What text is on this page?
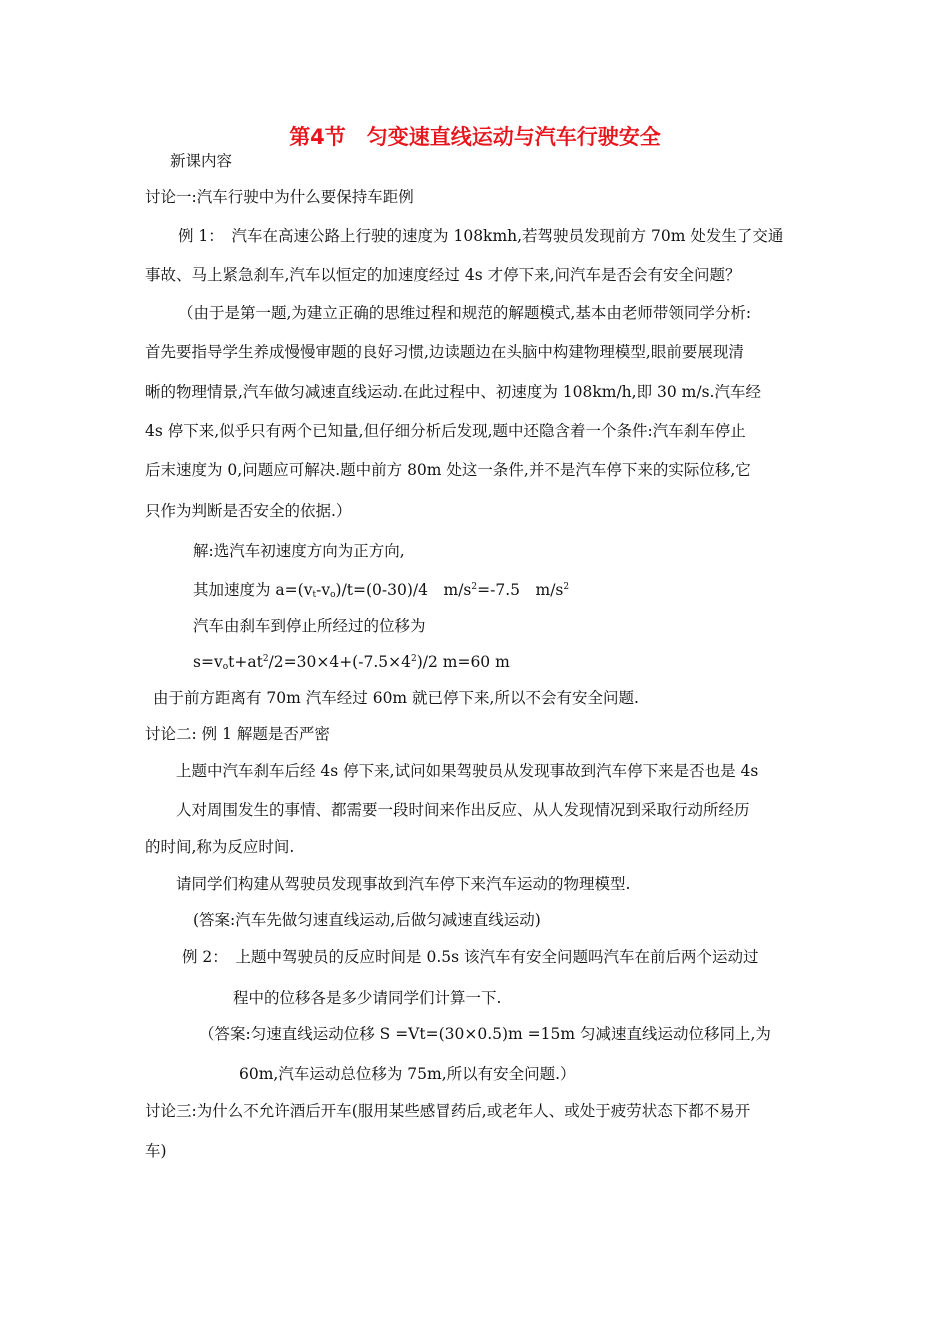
第4节　匀变速直线运动与汽车行驶安全
新课内容
讨论一:汽车行驶中为什么要保持车距例
例 1：　汽车在高速公路上行驶的速度为 108kmh,若驾驶员发现前方 70m 处发生了交通
事故、马上紧急刹车,汽车以恒定的加速度经过 4s 才停下来,问汽车是否会有安全问题？
（由于是第一题,为建立正确的思维过程和规范的解题模式,基本由老师带领同学分析:
首先要指导学生养成慢慢审题的良好习惯,边读题边在头脑中构建物理模型,眼前要展现清
晰的物理情景,汽车做匀减速直线运动.在此过程中、初速度为 108km/h,即 30 m/s.汽车经
4s 停下来,似乎只有两个已知量,但仔细分析后发现,题中还隐含着一个条件:汽车刹车停止
后末速度为 0,问题应可解决.题中前方 80m 处这一条件,并不是汽车停下来的实际位移,它
只作为判断是否安全的依据.）
解:选汽车初速度方向为正方向,
其加速度为 $a=(v_t-v_o)/t=(0-30)/4$　$m/s^2=-7.5$　$m/s^2$
汽车由刹车到停止所经过的位移为
$s=v_ot+at^2/2=30\times 4+(-7.5\times 4^2)/2$ m=60 m
由于前方距离有 70m 汽车经过 60m 就已停下来,所以不会有安全问题.
讨论二: 例 1 解题是否严密
上题中汽车刹车后经 4s 停下来,试问如果驾驶员从发现事故到汽车停下来是否也是 4s
人对周围发生的事情、都需要一段时间来作出反应、从人发现情况到采取行动所经历
的时间,称为反应时间.
请同学们构建从驾驶员发现事故到汽车停下来汽车运动的物理模型.
(答案:汽车先做匀速直线运动,后做匀减速直线运动)
例 2：　上题中驾驶员的反应时间是 0.5s 该汽车有安全问题吗汽车在前后两个运动过
程中的位移各是多少请同学们计算一下.
（答案:匀速直线运动位移 S =Vt=(30×0.5)m =15m 匀减速直线运动位移同上,为
60m,汽车运动总位移为 75m,所以有安全问题.）
讨论三:为什么不允许酒后开车(服用某些感冒药后,或老年人、或处于疲劳状态下都不易开
车)
